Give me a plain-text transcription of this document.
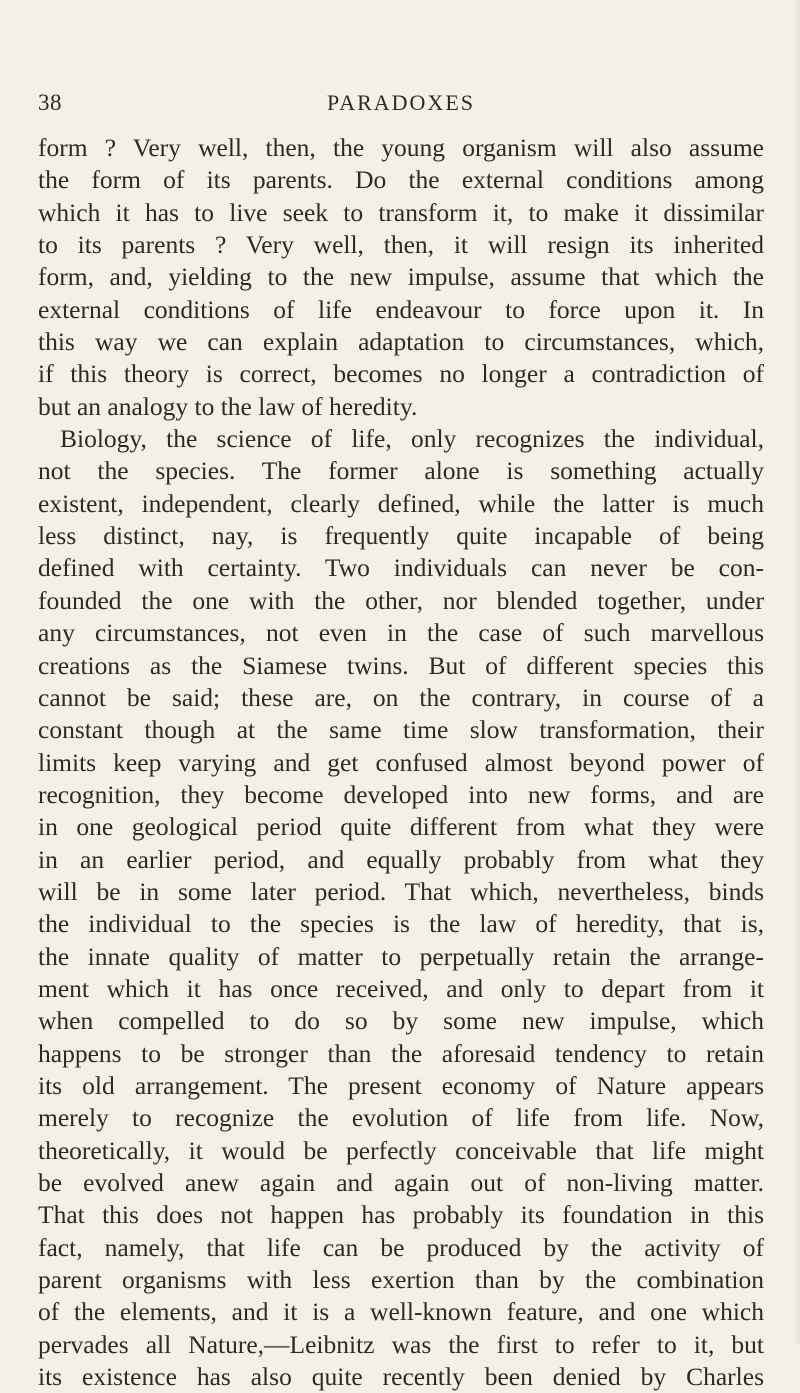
38	PARADOXES
form ? Very well, then, the young organism will also assume
the form of its parents. Do the external conditions among
which it has to live seek to transform it, to make it dissimilar
to its parents ? Very well, then, it will resign its inherited
form, and, yielding to the new impulse, assume that which the
external conditions of life endeavour to force upon it. In
this way we can explain adaptation to circumstances, which,
if this theory is correct, becomes no longer a contradiction of
but an analogy to the law of heredity.
Biology, the science of life, only recognizes the individual,
not the species. The former alone is something actually
existent, independent, clearly defined, while the latter is much
less distinct, nay, is frequently quite incapable of being
defined with certainty. Two individuals can never be con-
founded the one with the other, nor blended together, under
any circumstances, not even in the case of such marvellous
creations as the Siamese twins. But of different species this
cannot be said; these are, on the contrary, in course of a
constant though at the same time slow transformation, their
limits keep varying and get confused almost beyond power of
recognition, they become developed into new forms, and are
in one geological period quite different from what they were
in an earlier period, and equally probably from what they
will be in some later period. That which, nevertheless, binds
the individual to the species is the law of heredity, that is,
the innate quality of matter to perpetually retain the arrange-
ment which it has once received, and only to depart from it
when compelled to do so by some new impulse, which
happens to be stronger than the aforesaid tendency to retain
its old arrangement. The present economy of Nature appears
merely to recognize the evolution of life from life. Now,
theoretically, it would be perfectly conceivable that life might
be evolved anew again and again out of non-living matter.
That this does not happen has probably its foundation in this
fact, namely, that life can be produced by the activity of
parent organisms with less exertion than by the combination
of the elements, and it is a well-known feature, and one which
pervades all Nature,—Leibnitz was the first to refer to it, but
its existence has also quite recently been denied by Charles
